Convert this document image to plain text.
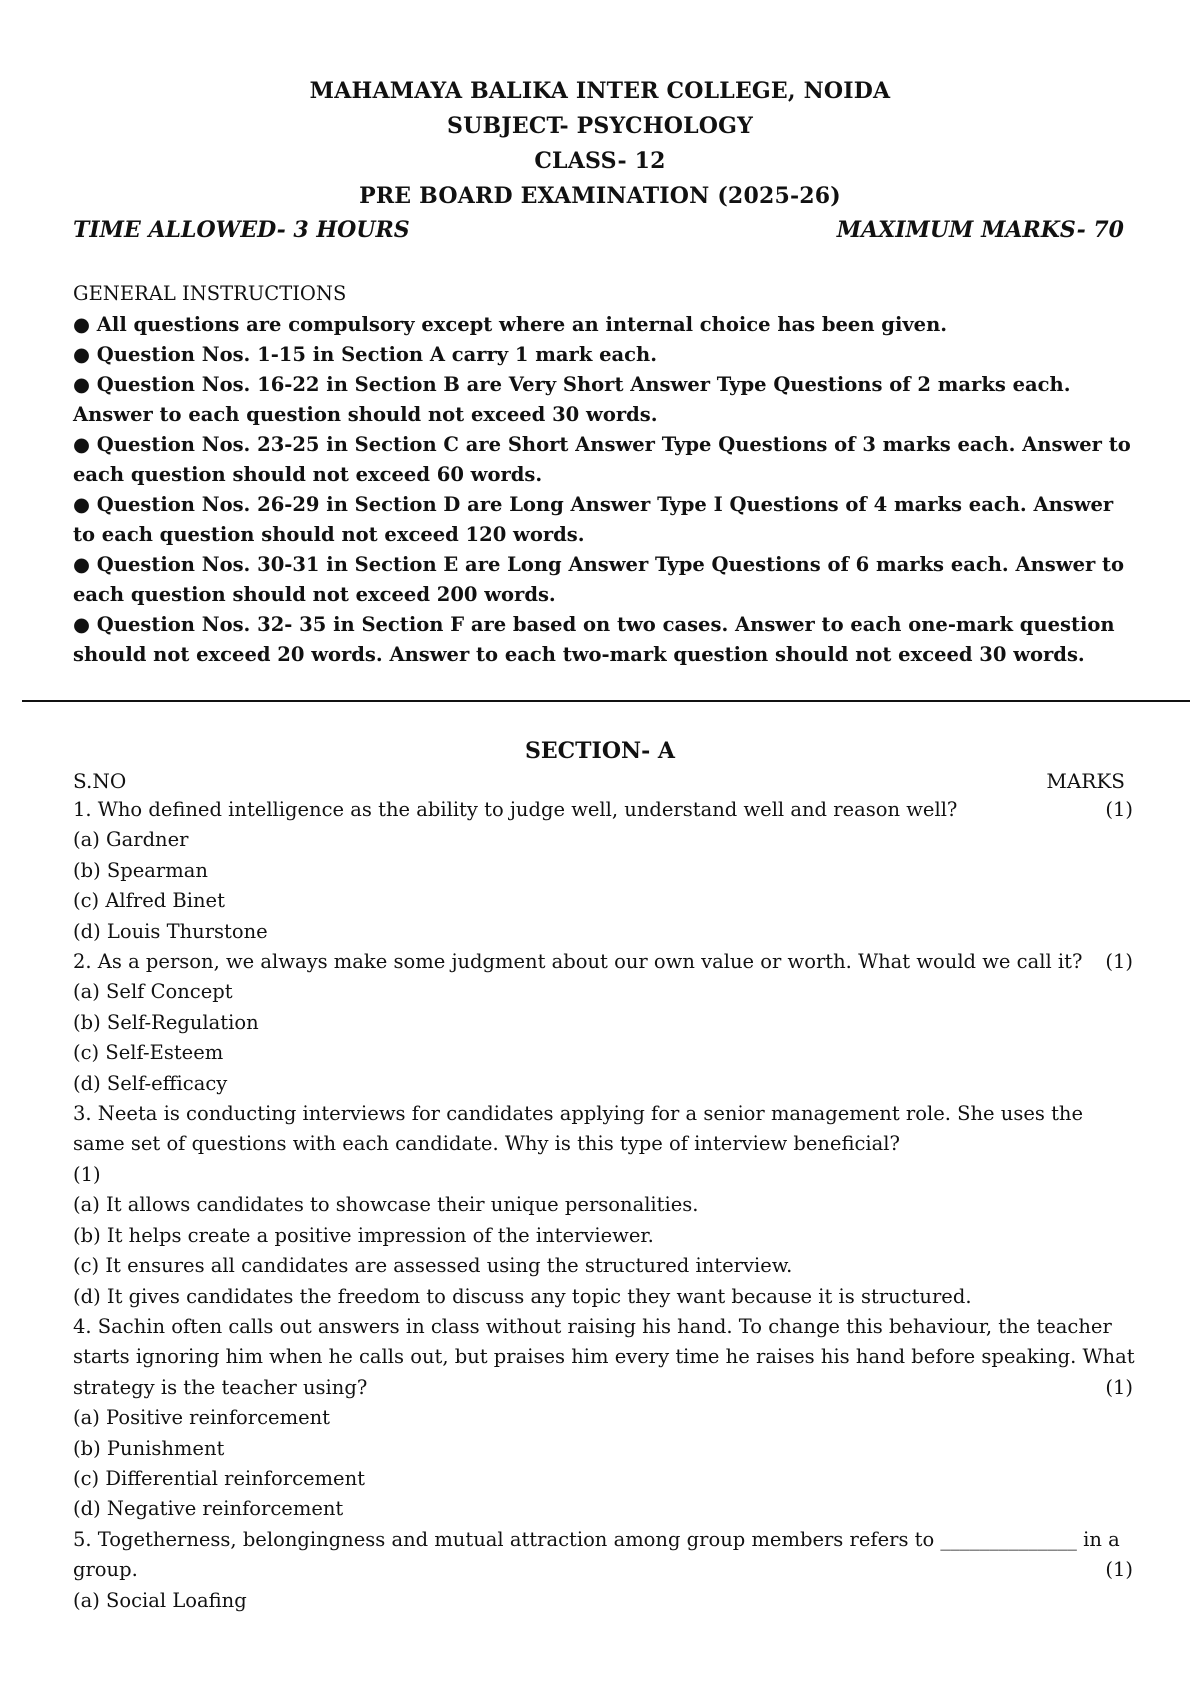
MAHAMAYA BALIKA INTER COLLEGE, NOIDA
SUBJECT- PSYCHOLOGY
CLASS- 12
PRE BOARD EXAMINATION (2025-26)
TIME ALLOWED- 3 HOURS	MAXIMUM MARKS- 70
GENERAL INSTRUCTIONS

● All questions are compulsory except where an internal choice has been given.

● Question Nos. 1-15 in Section A carry 1 mark each.

● Question Nos. 16-22 in Section B are Very Short Answer Type Questions of 2 marks each. Answer to each question should not exceed 30 words.

● Question Nos. 23-25 in Section C are Short Answer Type Questions of 3 marks each. Answer to each question should not exceed 60 words.

● Question Nos. 26-29 in Section D are Long Answer Type I Questions of 4 marks each. Answer to each question should not exceed 120 words.

● Question Nos. 30-31 in Section E are Long Answer Type Questions of 6 marks each. Answer to each question should not exceed 200 words.

● Question Nos. 32- 35 in Section F are based on two cases. Answer to each one-mark question should not exceed 20 words. Answer to each two-mark question should not exceed 30 words.

SECTION- A
S.NO	MARKS
1. Who defined intelligence as the ability to judge well, understand well and reason well?	(1)
(a) Gardner
(b) Spearman
(c) Alfred Binet
(d) Louis Thurstone
2. As a person, we always make some judgment about our own value or worth. What would we call it?	(1)
(a) Self Concept
(b) Self-Regulation
(c) Self-Esteem
(d) Self-efficacy
3. Neeta is conducting interviews for candidates applying for a senior management role. She uses the same set of questions with each candidate. Why is this type of interview beneficial?
(1)
(a) It allows candidates to showcase their unique personalities.
(b) It helps create a positive impression of the interviewer.
(c) It ensures all candidates are assessed using the structured interview.
(d) It gives candidates the freedom to discuss any topic they want because it is structured.
4. Sachin often calls out answers in class without raising his hand. To change this behaviour, the teacher
starts ignoring him when he calls out, but praises him every time he raises his hand before speaking. What
strategy is the teacher using?	(1)
(a) Positive reinforcement
(b) Punishment
(c) Differential reinforcement
(d) Negative reinforcement
5. Togetherness, belongingness and mutual attraction among group members refers to ______________ in a
group.	(1)
(a) Social Loafing
